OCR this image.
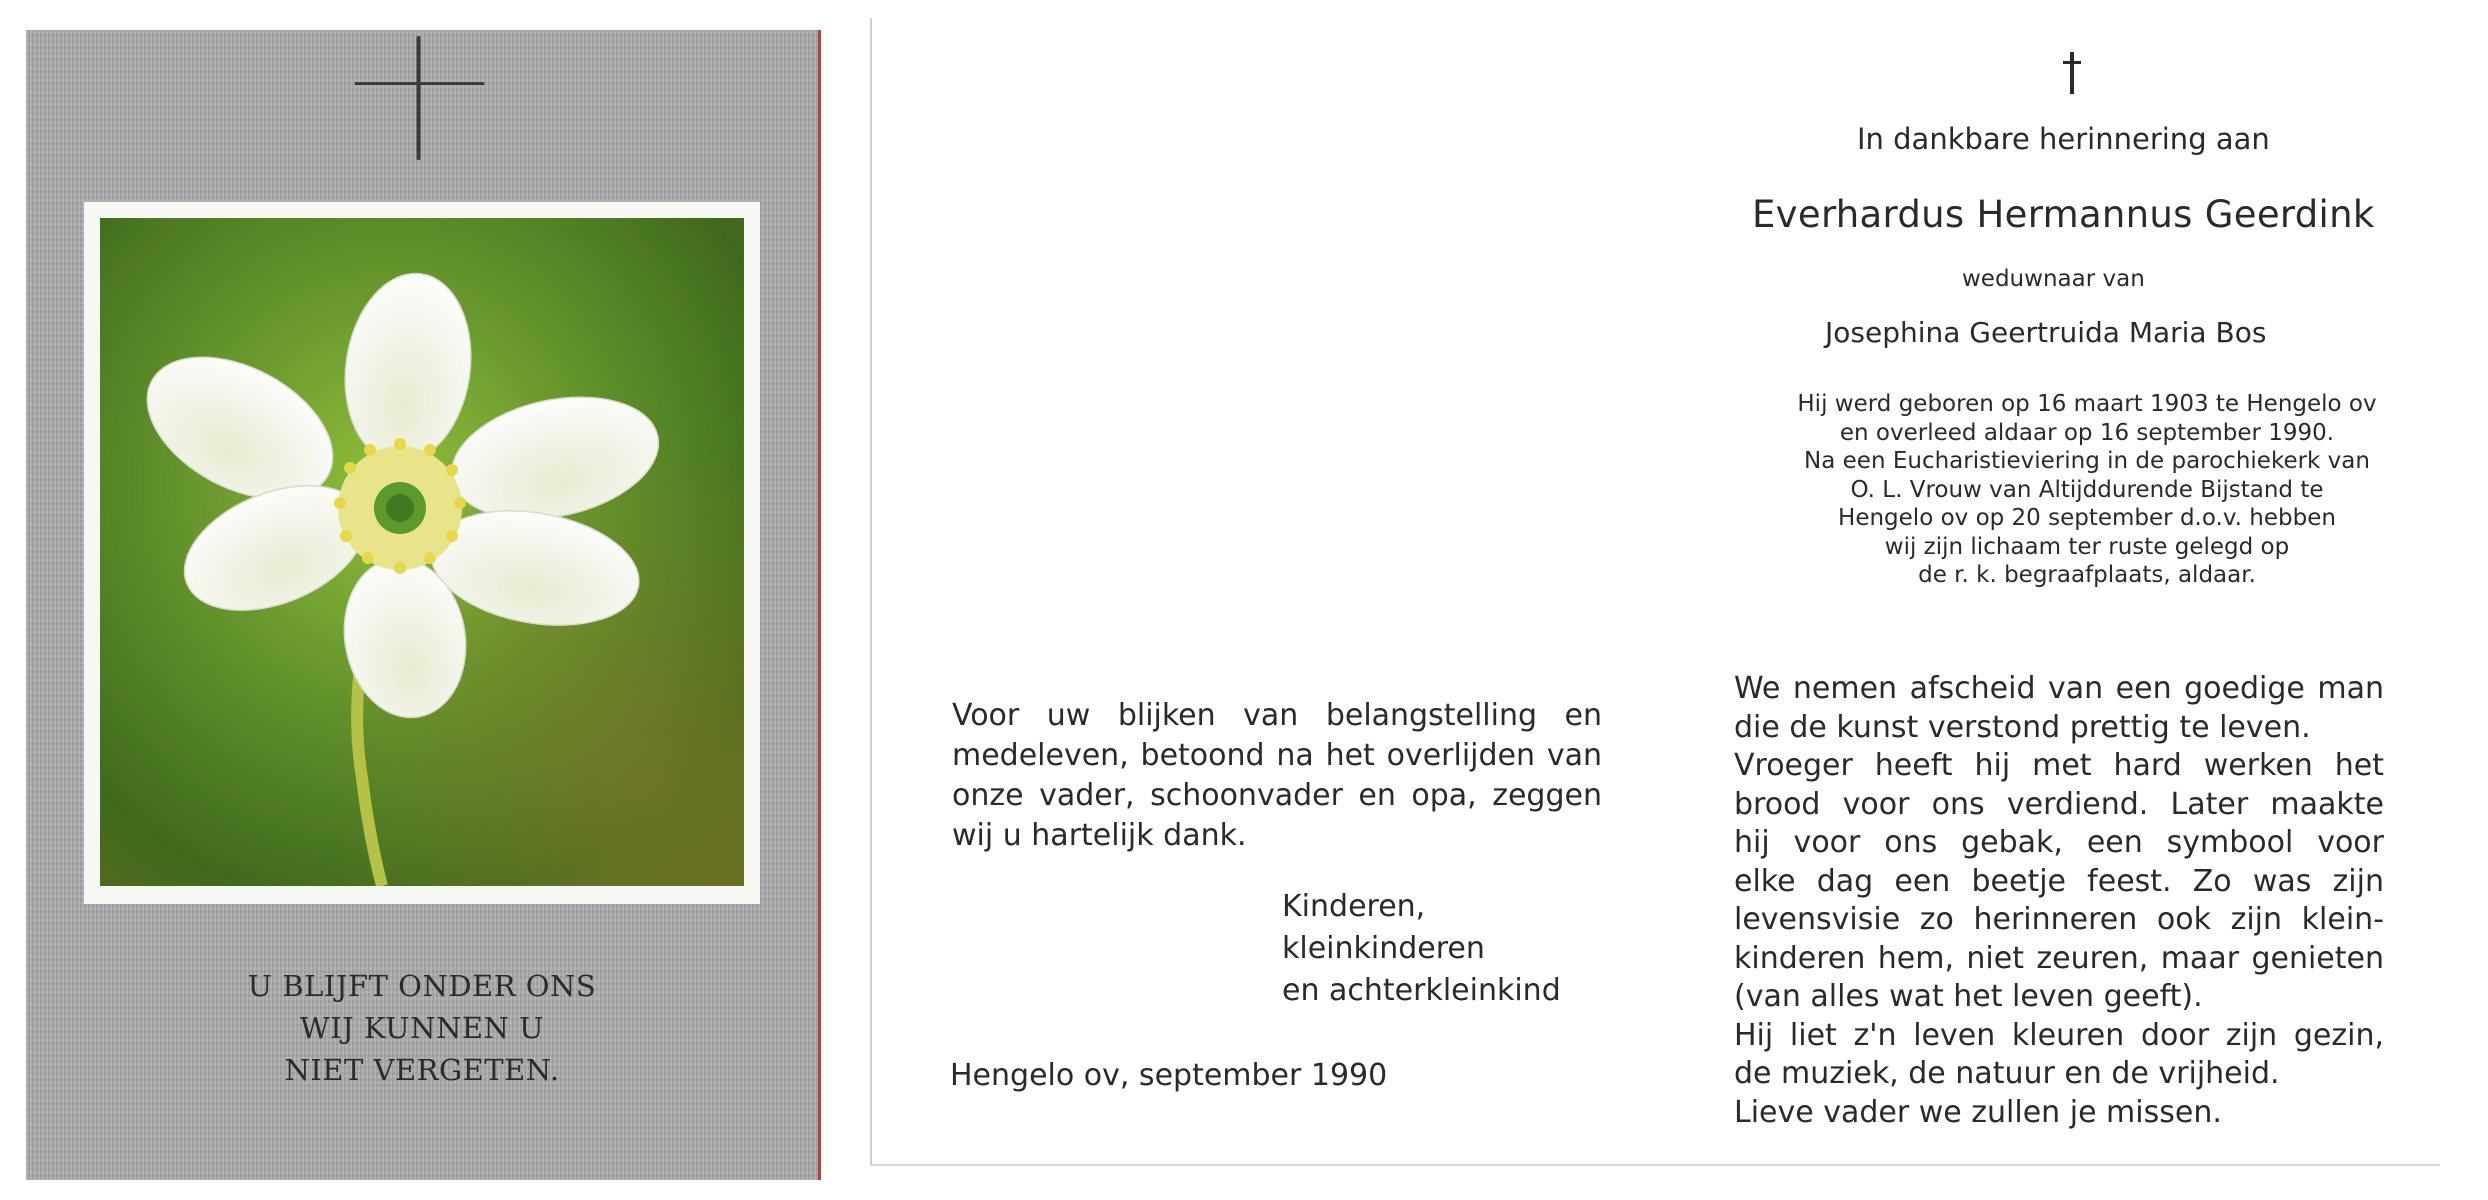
U BLIJFT ONDER ONS
WIJ KUNNEN U
NIET VERGETEN.
In dankbare herinnering aan
Everhardus Hermannus Geerdink
weduwnaar van
Josephina Geertruida Maria Bos
Hij werd geboren op 16 maart 1903 te Hengelo ov
en overleed aldaar op 16 september 1990.
Na een Eucharistieviering in de parochiekerk van
O. L. Vrouw van Altijddurende Bijstand te
Hengelo ov op 20 september d.o.v. hebben
wij zijn lichaam ter ruste gelegd op
de r. k. begraafplaats, aldaar.
Voor uw blijken van belangstelling en
medeleven, betoond na het overlijden van
onze vader, schoonvader en opa, zeggen
wij u hartelijk dank.
Kinderen,
kleinkinderen
en achterkleinkind
Hengelo ov, september 1990
We nemen afscheid van een goedige man
die de kunst verstond prettig te leven.
Vroeger heeft hij met hard werken het
brood voor ons verdiend. Later maakte
hij voor ons gebak, een symbool voor
elke dag een beetje feest. Zo was zijn
levensvisie zo herinneren ook zijn klein-
kinderen hem, niet zeuren, maar genieten
(van alles wat het leven geeft).
Hij liet z'n leven kleuren door zijn gezin,
de muziek, de natuur en de vrijheid.
Lieve vader we zullen je missen.
